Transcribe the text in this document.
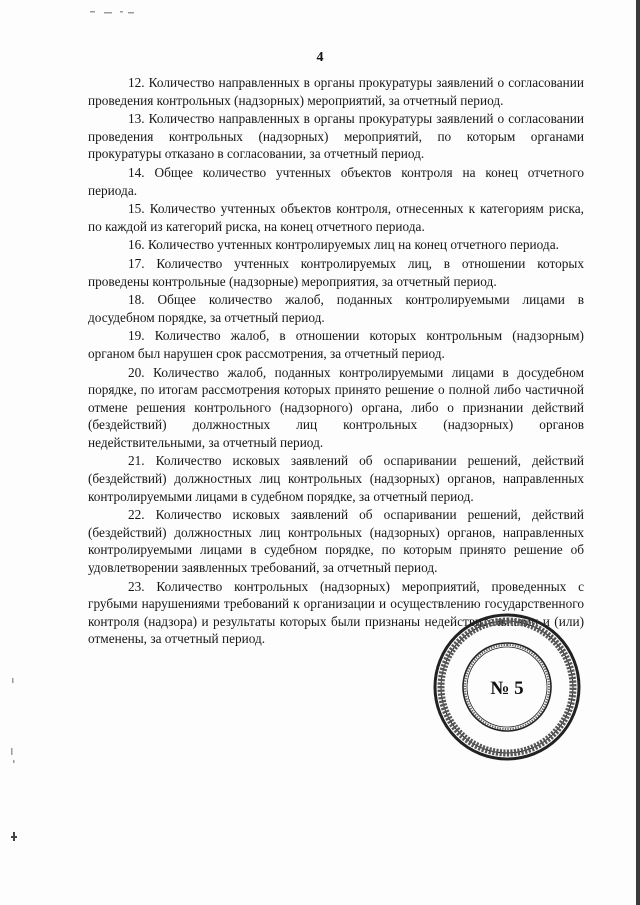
4

12. Количество направленных в органы прокуратуры заявлений о согласовании проведения контрольных (надзорных) мероприятий, за отчетный период.

13. Количество направленных в органы прокуратуры заявлений о согласовании проведения контрольных (надзорных) мероприятий, по которым органами прокуратуры отказано в согласовании, за отчетный период.

14. Общее количество учтенных объектов контроля на конец отчетного периода.

15. Количество учтенных объектов контроля, отнесенных к категориям риска, по каждой из категорий риска, на конец отчетного периода.

16. Количество учтенных контролируемых лиц на конец отчетного периода.

17. Количество учтенных контролируемых лиц, в отношении которых проведены контрольные (надзорные) мероприятия, за отчетный период.

18. Общее количество жалоб, поданных контролируемыми лицами в досудебном порядке, за отчетный период.

19. Количество жалоб, в отношении которых контрольным (надзорным) органом был нарушен срок рассмотрения, за отчетный период.

20. Количество жалоб, поданных контролируемыми лицами в досудебном порядке, по итогам рассмотрения которых принято решение о полной либо частичной отмене решения контрольного (надзорного) органа, либо о признании действий (бездействий) должностных лиц контрольных (надзорных) органов недействительными, за отчетный период.

21. Количество исковых заявлений об оспаривании решений, действий (бездействий) должностных лиц контрольных (надзорных) органов, направленных контролируемыми лицами в судебном порядке, за отчетный период.

22. Количество исковых заявлений об оспаривании решений, действий (бездействий) должностных лиц контрольных (надзорных) органов, направленных контролируемыми лицами в судебном порядке, по которым принято решение об удовлетворении заявленных требований, за отчетный период.

23. Количество контрольных (надзорных) мероприятий, проведенных с грубыми нарушениями требований к организации и осуществлению государственного контроля (надзора) и результаты которых были признаны недействительными и (или) отменены, за отчетный период.

№ 5
